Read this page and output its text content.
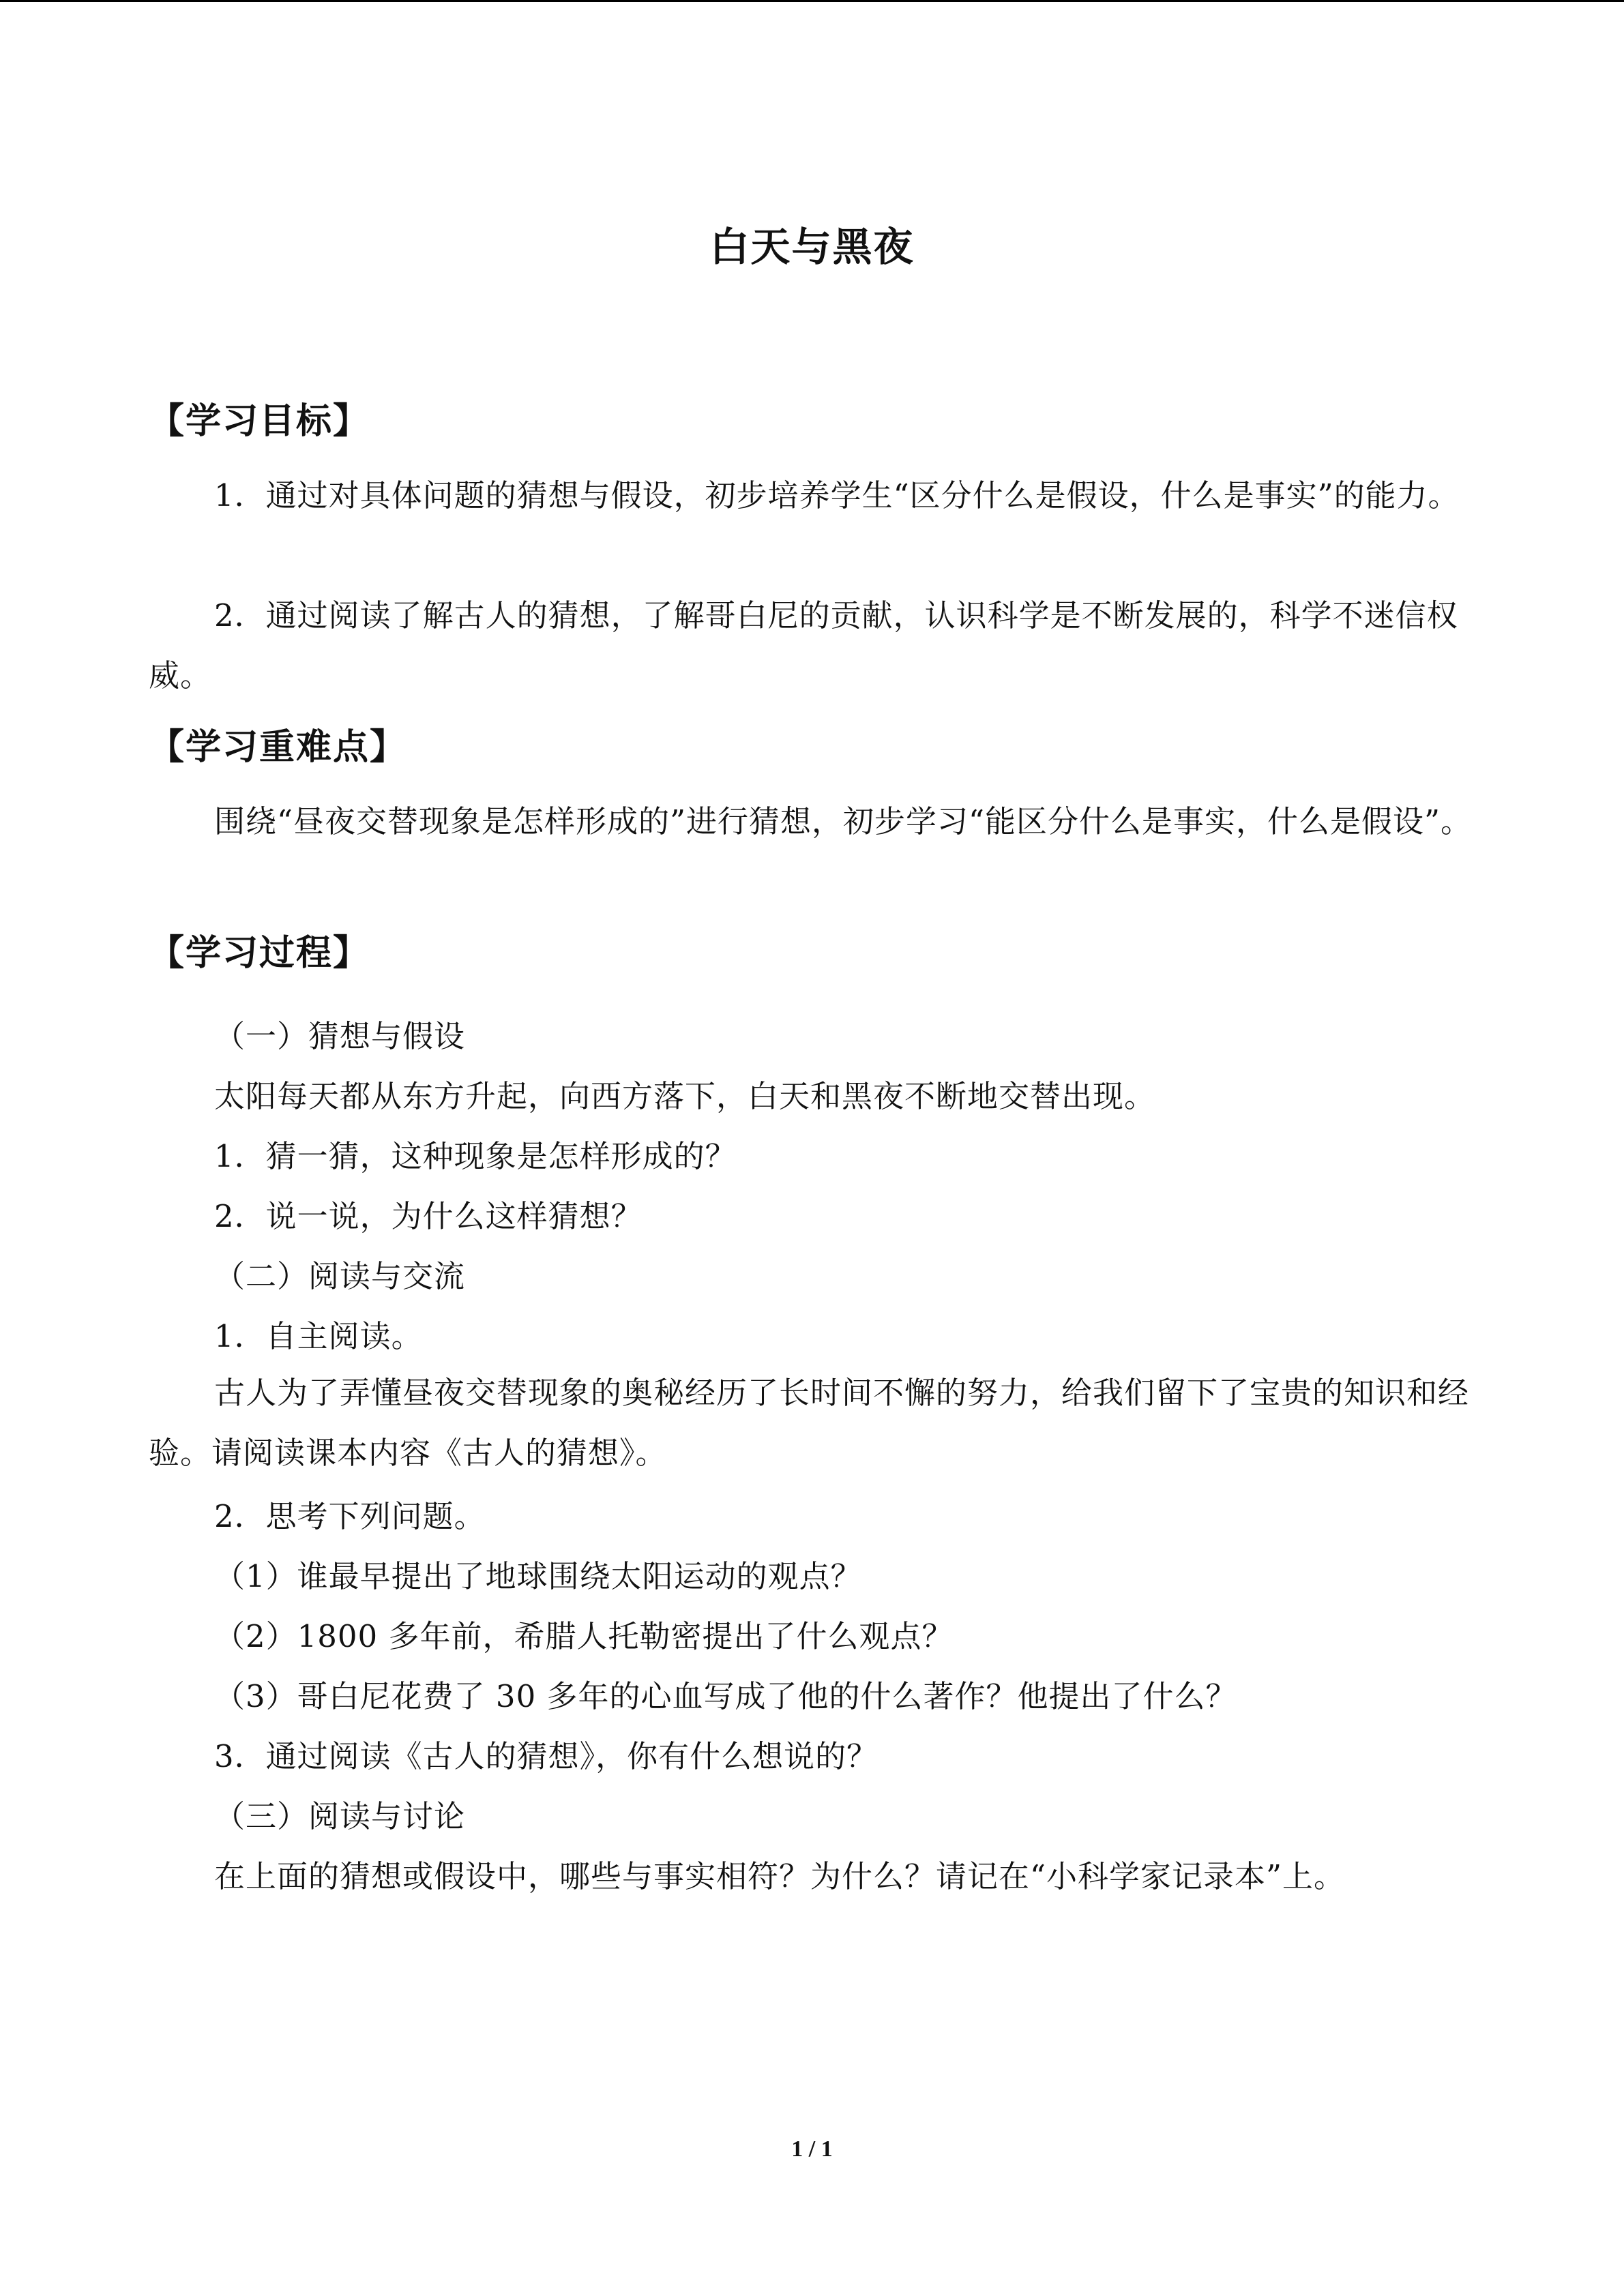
白天与黑夜
【学习目标】
1．通过对具体问题的猜想与假设，初步培养学生“区分什么是假设，什么是事实”的能力。
2．通过阅读了解古人的猜想，了解哥白尼的贡献，认识科学是不断发展的，科学不迷信权威。
【学习重难点】
围绕“昼夜交替现象是怎样形成的”进行猜想，初步学习“能区分什么是事实，什么是假设”。
【学习过程】
（一）猜想与假设
太阳每天都从东方升起，向西方落下，白天和黑夜不断地交替出现。
1．猜一猜，这种现象是怎样形成的？
2．说一说，为什么这样猜想？
（二）阅读与交流
1．自主阅读。
古人为了弄懂昼夜交替现象的奥秘经历了长时间不懈的努力，给我们留下了宝贵的知识和经验。请阅读课本内容《古人的猜想》。
2．思考下列问题。
（1）谁最早提出了地球围绕太阳运动的观点？
（2）1800 多年前，希腊人托勒密提出了什么观点？
（3）哥白尼花费了 30 多年的心血写成了他的什么著作？他提出了什么？
3．通过阅读《古人的猜想》，你有什么想说的？
（三）阅读与讨论
在上面的猜想或假设中，哪些与事实相符？为什么？请记在“小科学家记录本”上。
1 / 1
